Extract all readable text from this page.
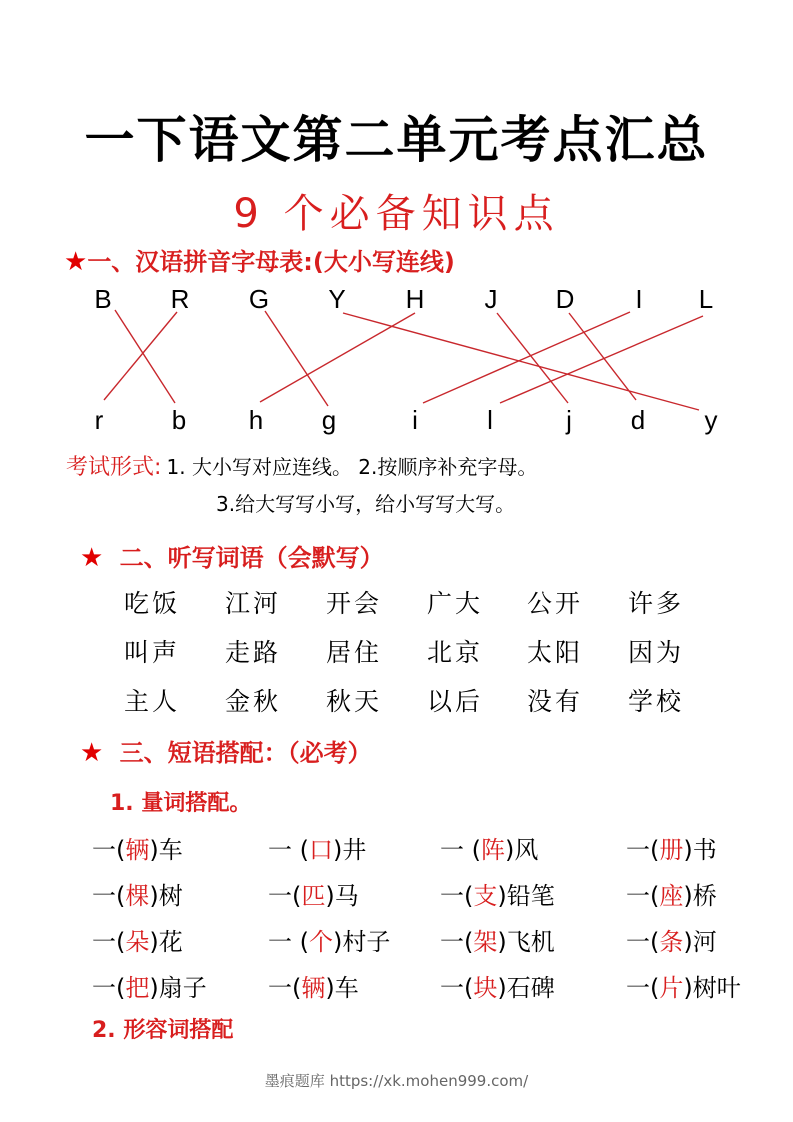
一下语文第二单元考点汇总
9 个必备知识点
★一、汉语拼音字母表:(大小写连线)
B R G Y H	J	D	I	L
r	b h g	i	l	j	d	y
考试形式: 1. 大小写对应连线。 2.按顺序补充字母。
3.给大写写小写，给小写写大写。
★ 二、听写词语（会默写）
吃饭 江河 开会 广大 公开 许多
叫声 走路 居住 北京 太阳 因为
主人 金秋 秋天 以后 没有 学校
★ 三、短语搭配：（必考）
1. 量词搭配。
一(辆)车	一 (口)井	一 (阵)风	一(册)书
一(棵)树	一(匹)马	一(支)铅笔	一(座)桥
一(朵)花	一 (个)村子 一(架)飞机	一(条)河
一(把)扇子	一(辆)车	一(块)石碑	一(片)树叶
2. 形容词搭配
墨痕题库 https://xk.mohen999.com/
